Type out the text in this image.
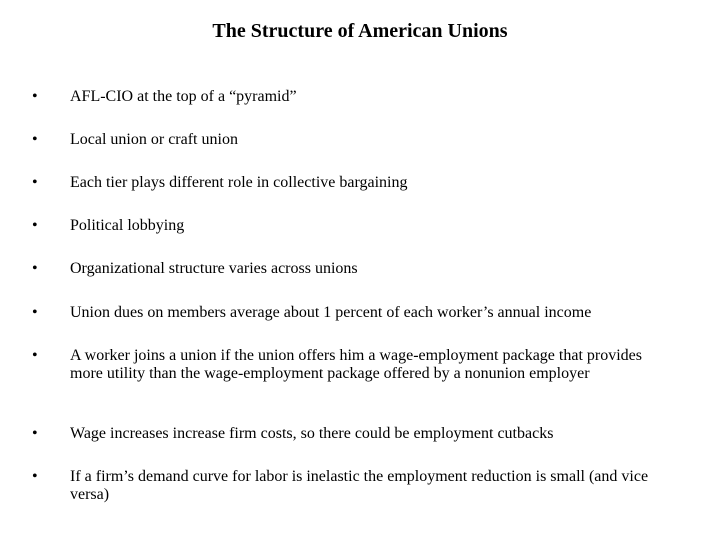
The Structure of American Unions
• AFL-CIO at the top of a “pyramid”
• Local union or craft union
• Each tier plays different role in collective bargaining
• Political lobbying
• Organizational structure varies across unions
• Union dues on members average about 1 percent of each worker’s annual income
• A worker joins a union if the union offers him a wage-employment package that provides more utility than the wage-employment package offered by a nonunion employer
• Wage increases increase firm costs, so there could be employment cutbacks
• If a firm’s demand curve for labor is inelastic the employment reduction is small (and vice versa)
